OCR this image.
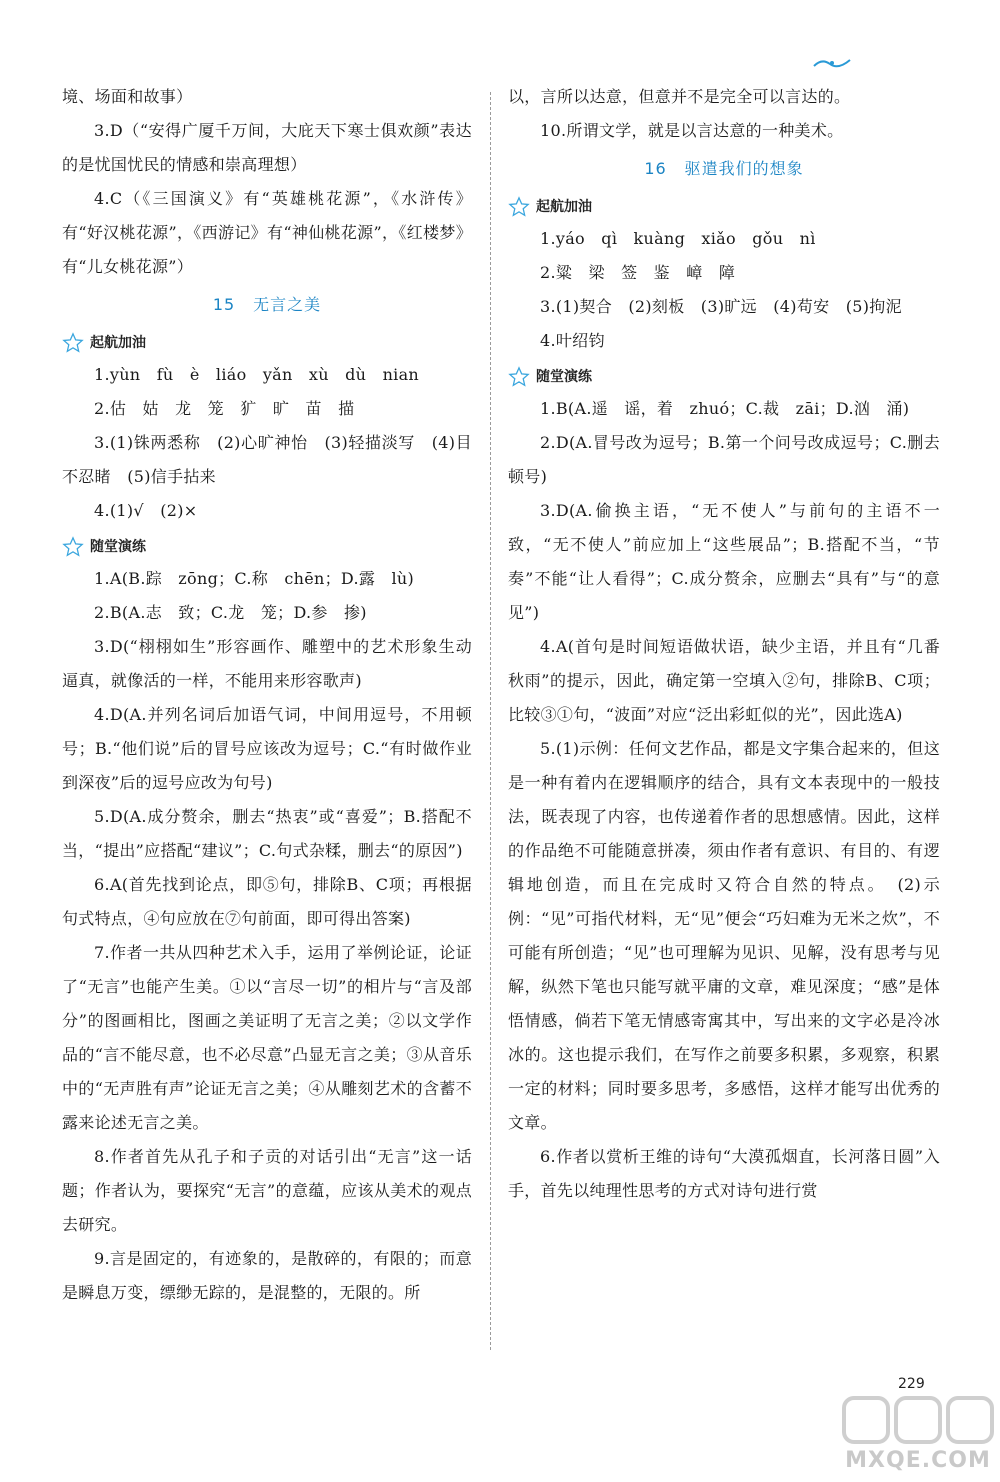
境、场面和故事）

3.D（“安得广厦千万间，大庇天下寒士俱欢颜”表达的是忧国忧民的情感和崇高理想）

4.C（《三国演义》有“英雄桃花源”，《水浒传》有“好汉桃花源”，《西游记》有“神仙桃花源”，《红楼梦》有“儿女桃花源”）

15 无言之美
起航加油

1.yùn　fù　è　liáo　yǎn　xù　dù　nian

2.估　姑　龙　笼　犷　旷　苗　描

3.(1)铢两悉称　(2)心旷神怡　(3)轻描淡写　(4)目不忍睹　(5)信手拈来

4.(1)√　(2)×

随堂演练

1.A(B.踪　zōng；C.称　chēn；D.露　lù)

2.B(A.志　致；C.龙　笼；D.参　掺)

3.D(“栩栩如生”形容画作、雕塑中的艺术形象生动逼真，就像活的一样，不能用来形容歌声)

4.D(A.并列名词后加语气词，中间用逗号，不用顿号；B.“他们说”后的冒号应该改为逗号；C.“有时做作业到深夜”后的逗号应改为句号)

5.D(A.成分赘余，删去“热衷”或“喜爱”；B.搭配不当，“提出”应搭配“建议”；C.句式杂糅，删去“的原因”)

6.A(首先找到论点，即⑤句，排除B、C项；再根据句式特点，④句应放在⑦句前面，即可得出答案)

7.作者一共从四种艺术入手，运用了举例论证，论证了“无言”也能产生美。①以“言尽一切”的相片与“言及部分”的图画相比，图画之美证明了无言之美；②以文学作品的“言不能尽意，也不必尽意”凸显无言之美；③从音乐中的“无声胜有声”论证无言之美；④从雕刻艺术的含蓄不露来论述无言之美。

8.作者首先从孔子和子贡的对话引出“无言”这一话题；作者认为，要探究“无言”的意蕴，应该从美术的观点去研究。

9.言是固定的，有迹象的，是散碎的，有限的；而意是瞬息万变，缥缈无踪的，是混整的，无限的。所

以，言所以达意，但意并不是完全可以言达的。

10.所谓文学，就是以言达意的一种美术。

16 驱遣我们的想象
起航加油

1.yáo　qì　kuàng　xiǎo　gǒu　nì

2.粱　梁　签　鉴　嶂　障

3.(1)契合　(2)刻板　(3)旷远　(4)苟安　(5)拘泥

4.叶绍钧

随堂演练

1.B(A.遥　谣，着　zhuó；C.裁　zāi；D.汹　涌)

2.D(A.冒号改为逗号；B.第一个问号改成逗号；C.删去顿号)

3.D(A.偷换主语，“无不使人”与前句的主语不一致，“无不使人”前应加上“这些展品”；B.搭配不当，“节奏”不能“让人看得”；C.成分赘余，应删去“具有”与“的意见”)

4.A(首句是时间短语做状语，缺少主语，并且有“几番秋雨”的提示，因此，确定第一空填入②句，排除B、C项；比较③①句，“波面”对应“泛出彩虹似的光”，因此选A)

5.(1)示例：任何文艺作品，都是文字集合起来的，但这是一种有着内在逻辑顺序的结合，具有文本表现中的一般技法，既表现了内容，也传递着作者的思想感情。因此，这样的作品绝不可能随意拼凑，须由作者有意识、有目的、有逻辑地创造，而且在完成时又符合自然的特点。　(2)示例：“见”可指代材料，无“见”便会“巧妇难为无米之炊”，不可能有所创造；“见”也可理解为见识、见解，没有思考与见解，纵然下笔也只能写就平庸的文章，难见深度；“感”是体悟情感，倘若下笔无情感寄寓其中，写出来的文字必是冷冰冰的。这也提示我们，在写作之前要多积累，多观察，积累一定的材料；同时要多思考，多感悟，这样才能写出优秀的文章。

6.作者以赏析王维的诗句“大漠孤烟直，长河落日圆”入手，首先以纯理性思考的方式对诗句进行赏

229
MXQE.COM
